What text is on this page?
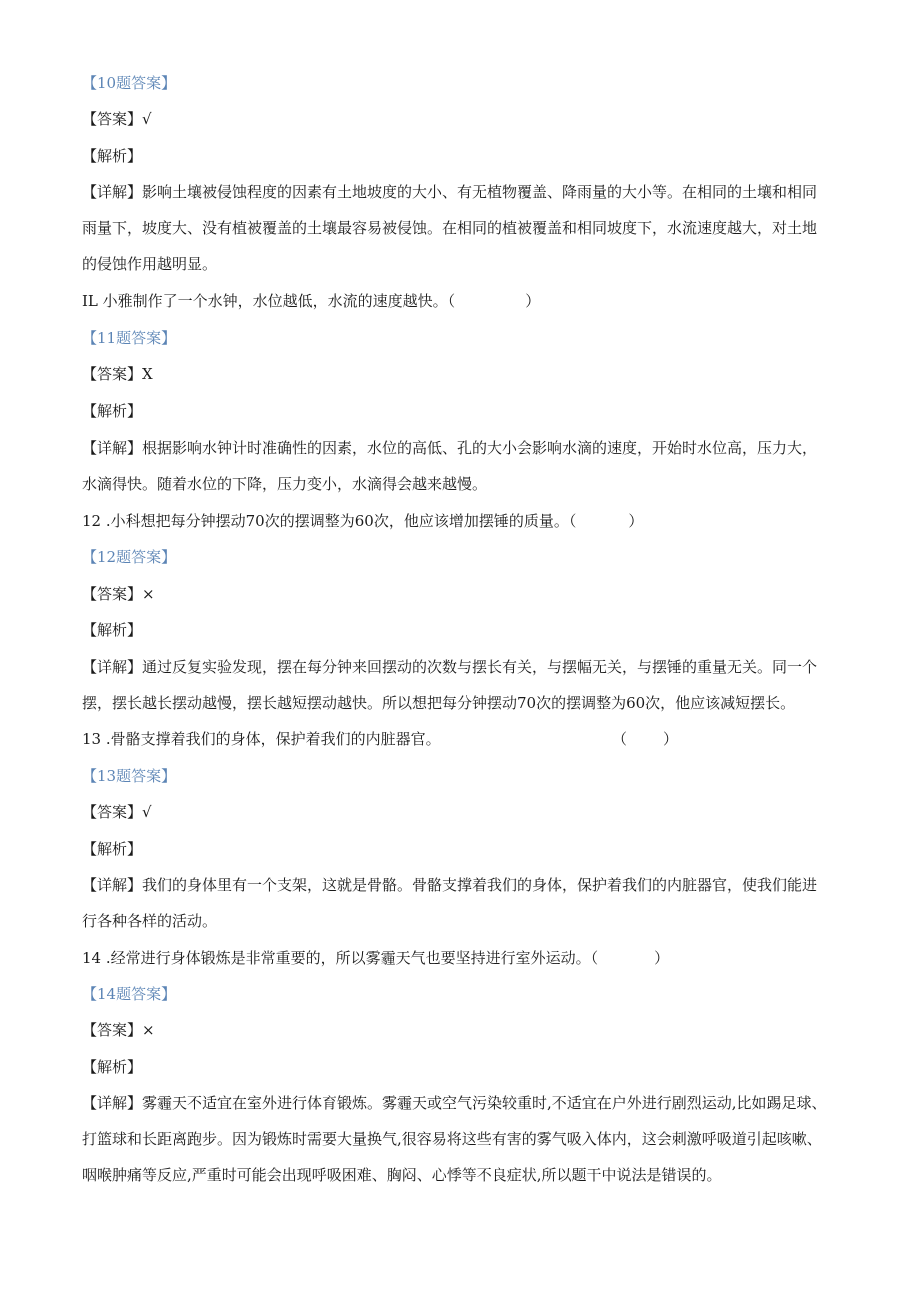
【10题答案】
【答案】√
【解析】
【详解】影响土壤被侵蚀程度的因素有土地坡度的大小、有无植物覆盖、降雨量的大小等。在相同的土壤和相同
雨量下，坡度大、没有植被覆盖的土壤最容易被侵蚀。在相同的植被覆盖和相同坡度下，水流速度越大，对土地
的侵蚀作用越明显。
IL 小雅制作了一个水钟，水位越低，水流的速度越快。（	）
【11题答案】
【答案】X
【解析】
【详解】根据影响水钟计时准确性的因素，水位的高低、孔的大小会影响水滴的速度，开始时水位高，压力大，
水滴得快。随着水位的下降，压力变小，水滴得会越来越慢。
12 .小科想把每分钟摆动70次的摆调整为60次，他应该增加摆锤的质量。（	）
【12题答案】
【答案】×
【解析】
【详解】通过反复实验发现，摆在每分钟来回摆动的次数与摆长有关，与摆幅无关，与摆锤的重量无关。同一个
摆，摆长越长摆动越慢，摆长越短摆动越快。所以想把每分钟摆动70次的摆调整为60次，他应该减短摆长。
13 .骨骼支撑着我们的身体，保护着我们的内脏器官。	（ ）
【13题答案】
【答案】√
【解析】
【详解】我们的身体里有一个支架，这就是骨骼。骨骼支撑着我们的身体，保护着我们的内脏器官，使我们能进
行各种各样的活动。
14 .经常进行身体锻炼是非常重要的，所以雾霾天气也要坚持进行室外运动。（	）
【14题答案】
【答案】×
【解析】
【详解】雾霾天不适宜在室外进行体育锻炼。雾霾天或空气污染较重时,不适宜在户外进行剧烈运动,比如踢足球、
打篮球和长距离跑步。因为锻炼时需要大量换气,很容易将这些有害的雾气吸入体内，这会刺激呼吸道引起咳嗽、
咽喉肿痛等反应,严重时可能会出现呼吸困难、胸闷、心悸等不良症状,所以题干中说法是错误的。
